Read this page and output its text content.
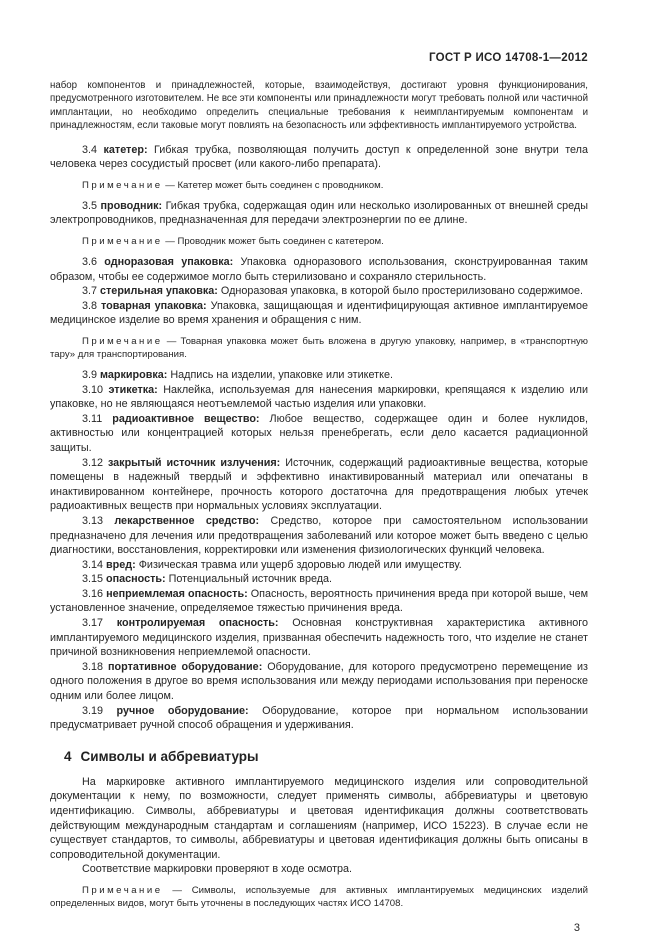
ГОСТ Р ИСО 14708-1—2012

набор компонентов и принадлежностей, которые, взаимодействуя, достигают уровня функционирования, предусмотренного изготовителем. Не все эти компоненты или принадлежности могут требовать полной или частичной имплантации, но необходимо определить специальные требования к неимплантируемым компонентам и принадлежностям, если таковые могут повлиять на безопасность или эффективность имплантируемого устройства.

3.4 катетер: Гибкая трубка, позволяющая получить доступ к определенной зоне внутри тела человека через сосудистый просвет (или какого-либо препарата).

Примечание — Катетер может быть соединен с проводником.

3.5 проводник: Гибкая трубка, содержащая один или несколько изолированных от внешней среды электропроводников, предназначенная для передачи электроэнергии по ее длине.

Примечание — Проводник может быть соединен с катетером.

3.6 одноразовая упаковка: Упаковка одноразового использования, сконструированная таким образом, чтобы ее содержимое могло быть стерилизовано и сохраняло стерильность.

3.7 стерильная упаковка: Одноразовая упаковка, в которой было простерилизовано содержимое.

3.8 товарная упаковка: Упаковка, защищающая и идентифицирующая активное имплантируемое медицинское изделие во время хранения и обращения с ним.

Примечание — Товарная упаковка может быть вложена в другую упаковку, например, в «транспортную тару» для транспортирования.

3.9 маркировка: Надпись на изделии, упаковке или этикетке.

3.10 этикетка: Наклейка, используемая для нанесения маркировки, крепящаяся к изделию или упаковке, но не являющаяся неотъемлемой частью изделия или упаковки.

3.11 радиоактивное вещество: Любое вещество, содержащее один и более нуклидов, активностью или концентрацией которых нельзя пренебрегать, если дело касается радиационной защиты.

3.12 закрытый источник излучения: Источник, содержащий радиоактивные вещества, которые помещены в надежный твердый и эффективно инактивированный материал или опечатаны в инактивированном контейнере, прочность которого достаточна для предотвращения любых утечек радиоактивных веществ при нормальных условиях эксплуатации.

3.13 лекарственное средство: Средство, которое при самостоятельном использовании предназначено для лечения или предотвращения заболеваний или которое может быть введено с целью диагностики, восстановления, корректировки или изменения физиологических функций человека.

3.14 вред: Физическая травма или ущерб здоровью людей или имуществу.

3.15 опасность: Потенциальный источник вреда.

3.16 неприемлемая опасность: Опасность, вероятность причинения вреда при которой выше, чем установленное значение, определяемое тяжестью причинения вреда.

3.17 контролируемая опасность: Основная конструктивная характеристика активного имплантируемого медицинского изделия, призванная обеспечить надежность того, что изделие не станет причиной возникновения неприемлемой опасности.

3.18 портативное оборудование: Оборудование, для которого предусмотрено перемещение из одного положения в другое во время использования или между периодами использования при переноске одним или более лицом.

3.19 ручное оборудование: Оборудование, которое при нормальном использовании предусматривает ручной способ обращения и удерживания.

4 Символы и аббревиатуры

На маркировке активного имплантируемого медицинского изделия или сопроводительной документации к нему, по возможности, следует применять символы, аббревиатуры и цветовую идентификацию. Символы, аббревиатуры и цветовая идентификация должны соответствовать действующим международным стандартам и соглашениям (например, ИСО 15223). В случае если не существует стандартов, то символы, аббревиатуры и цветовая идентификация должны быть описаны в сопроводительной документации.

Соответствие маркировки проверяют в ходе осмотра.

Примечание — Символы, используемые для активных имплантируемых медицинских изделий определенных видов, могут быть уточнены в последующих частях ИСО 14708.

3
